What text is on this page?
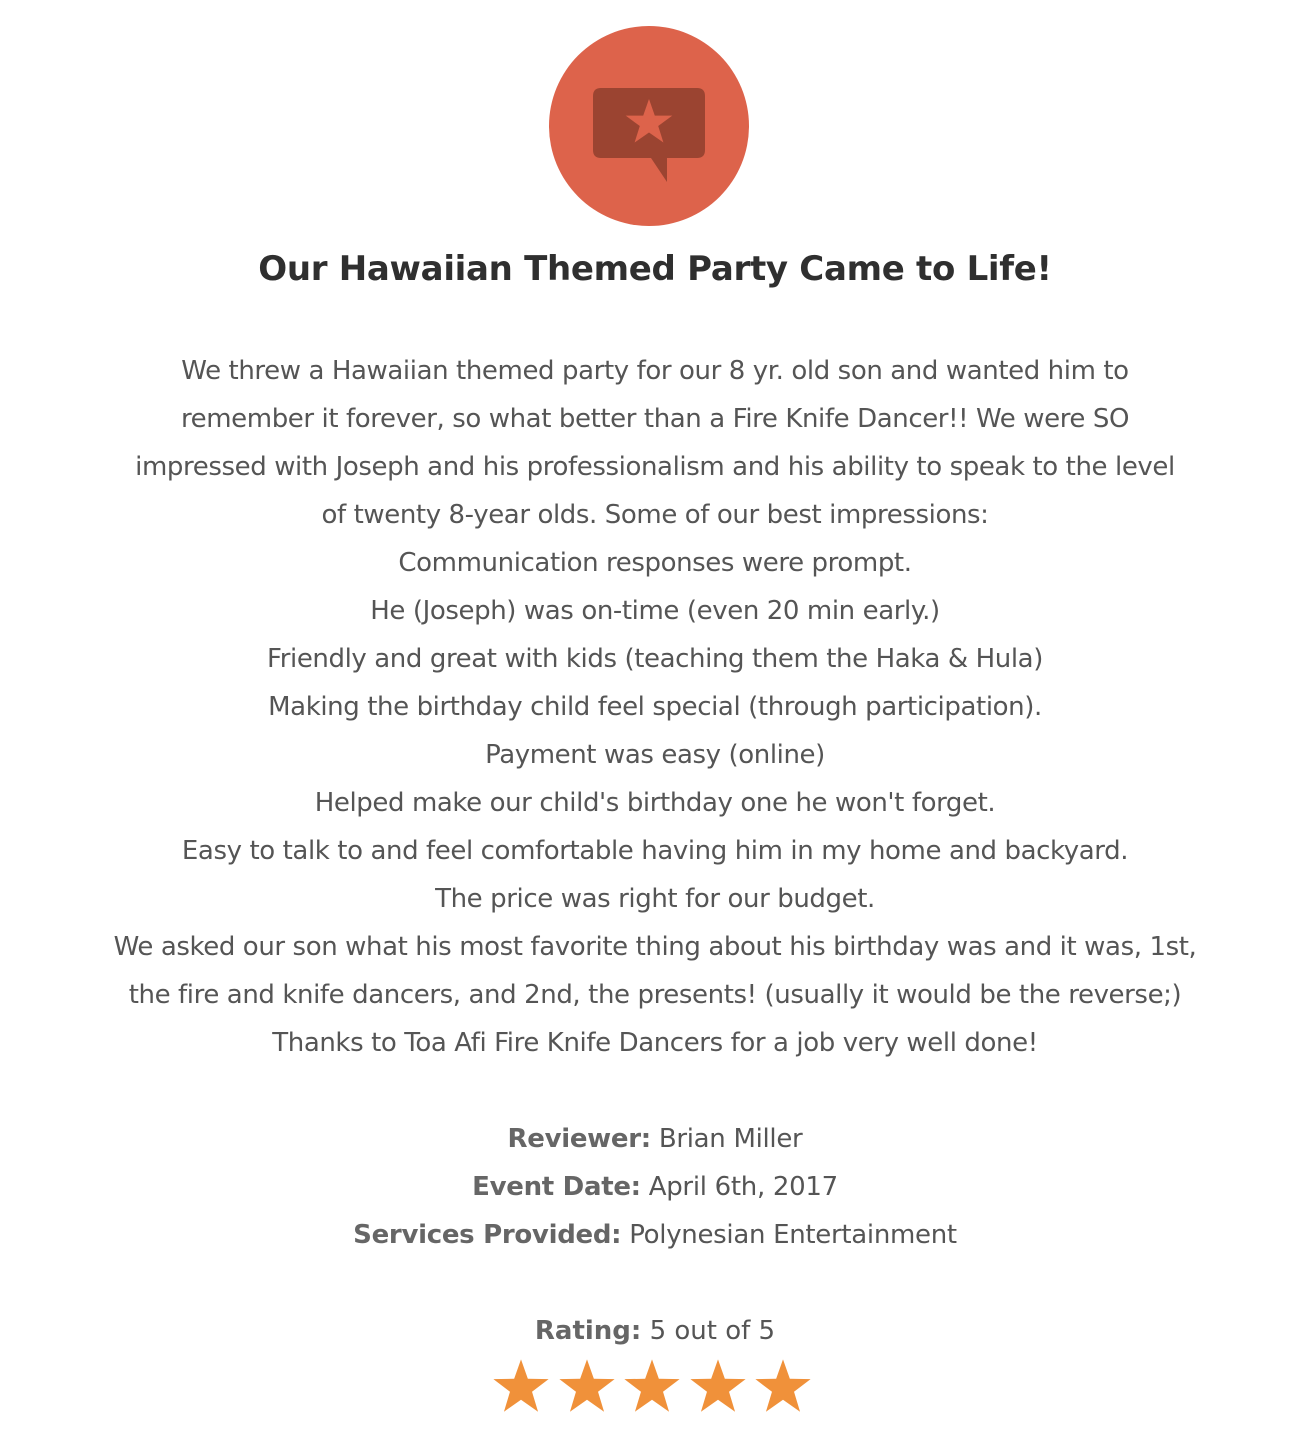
Our Hawaiian Themed Party Came to Life!
We threw a Hawaiian themed party for our 8 yr. old son and wanted him to
remember it forever, so what better than a Fire Knife Dancer!! We were SO
impressed with Joseph and his professionalism and his ability to speak to the level
of twenty 8-year olds. Some of our best impressions:
Communication responses were prompt.
He (Joseph) was on-time (even 20 min early.)
Friendly and great with kids (teaching them the Haka & Hula)
Making the birthday child feel special (through participation).
Payment was easy (online)
Helped make our child's birthday one he won't forget.
Easy to talk to and feel comfortable having him in my home and backyard.
The price was right for our budget.
We asked our son what his most favorite thing about his birthday was and it was, 1st,
the fire and knife dancers, and 2nd, the presents! (usually it would be the reverse;)
Thanks to Toa Afi Fire Knife Dancers for a job very well done!
Reviewer: Brian Miller
Event Date: April 6th, 2017
Services Provided: Polynesian Entertainment
Rating: 5 out of 5
